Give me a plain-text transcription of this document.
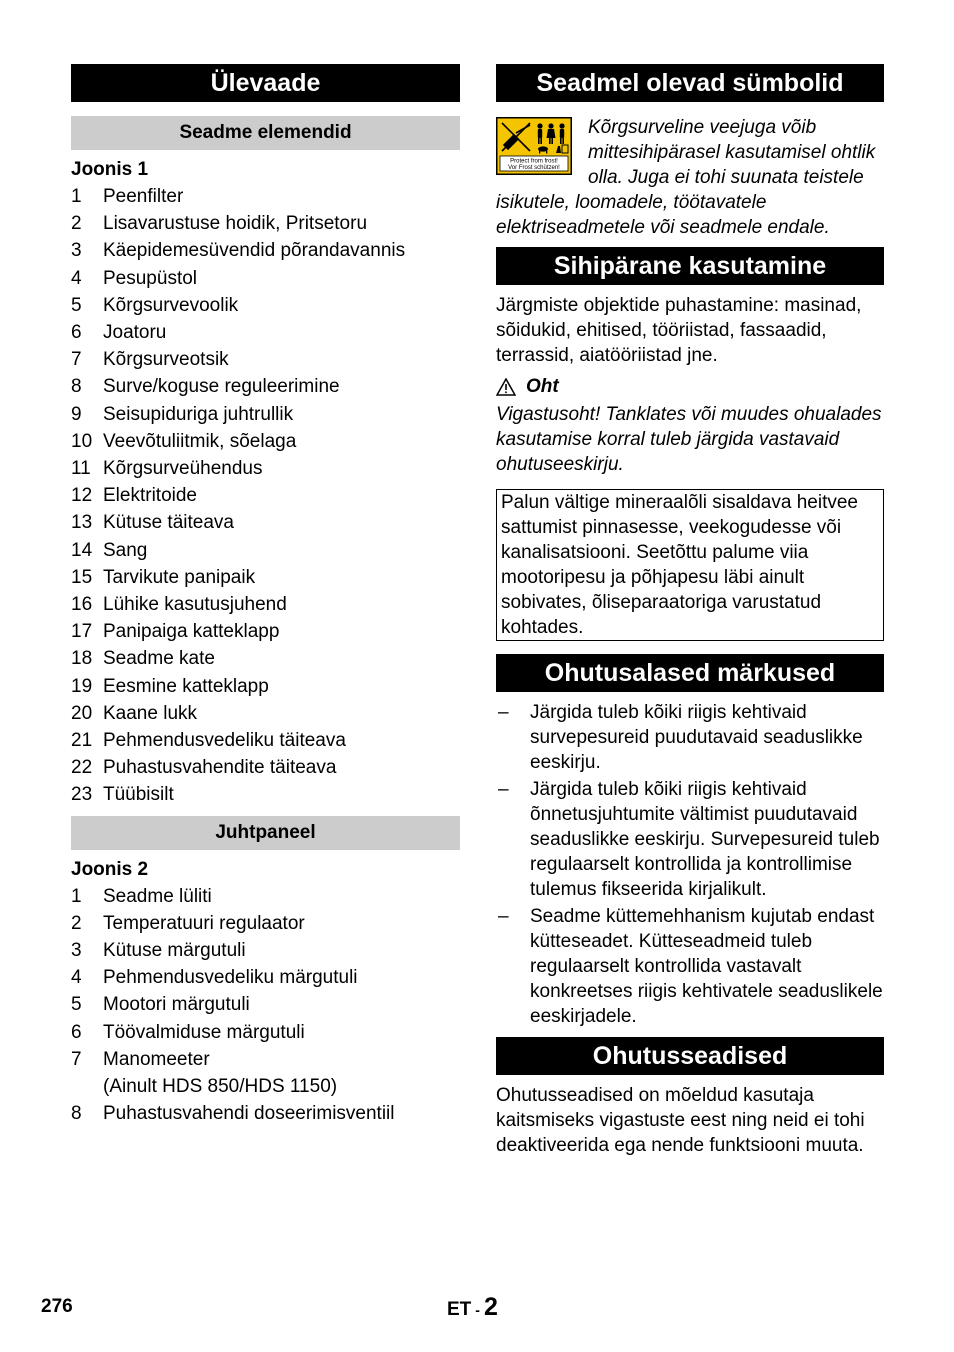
Ülevaade
Seadme elemendid
Joonis 1
1	Peenfilter
2	Lisavarustuse hoidik, Pritsetoru
3	Käepidemesüvendid põrandavannis
4	Pesupüstol
5	Kõrgsurvevoolik
6	Joatoru
7	Kõrgsurveotsik
8	Surve/koguse reguleerimine
9	Seisupiduriga juhtrullik
10 Veevõtuliitmik, sõelaga
11 Kõrgsurveühendus
12 Elektritoide
13 Kütuse täiteava
14 Sang
15 Tarvikute panipaik
16 Lühike kasutusjuhend
17 Panipaiga katteklapp
18 Seadme kate
19 Eesmine katteklapp
20 Kaane lukk
21 Pehmendusvedeliku täiteava
22 Puhastusvahendite täiteava
23 Tüübisilt
Juhtpaneel
Joonis 2
1	Seadme lüliti
2	Temperatuuri regulaator
3	Kütuse märgutuli
4	Pehmendusvedeliku märgutuli
5	Mootori märgutuli
6	Töövalmiduse märgutuli
7	Manomeeter
(Ainult HDS 850/HDS 1150)
8	Puhastusvahendi doseerimisventiil
Seadmel olevad sümbolid
Protect from frost!
Vor Frost schützen!
Kõrgsurveline veejuga võib mittesihipärasel kasutamisel ohtlik olla. Juga ei tohi suunata teistele isikutele, loomadele, töötavatele elektriseadmetele või seadmele endale.
Sihipärane kasutamine
Järgmiste objektide puhastamine: masinad, sõidukid, ehitised, tööriistad, fassaadid, terrassid, aiatööriistad jne.
Oht
Vigastusoht! Tanklates või muudes ohualades kasutamise korral tuleb järgida vastavaid ohutuseeskirju.
Palun vältige mineraalõli sisaldava heitvee sattumist pinnasesse, veekogudesse või kanalisatsiooni. Seetõttu palume viia mootoripesu ja põhjapesu läbi ainult sobivates, õliseparaatoriga varustatud kohtades.
Ohutusalased märkused
–	Järgida tuleb kõiki riigis kehtivaid survepesureid puudutavaid seaduslikke eeskirju.
–	Järgida tuleb kõiki riigis kehtivaid õnnetusjuhtumite vältimist puudutavaid seaduslikke eeskirju. Survepesureid tuleb regulaarselt kontrollida ja kontrollimise tulemus fikseerida kirjalikult.
–	Seadme küttemehhanism kujutab endast kütteseadet. Kütteseadmeid tuleb regulaarselt kontrollida vastavalt konkreetses riigis kehtivatele seaduslikele eeskirjadele.
Ohutusseadised
Ohutusseadised on mõeldud kasutaja kaitsmiseks vigastuste eest ning neid ei tohi deaktiveerida ega nende funktsiooni muuta.
276	ET - 2
